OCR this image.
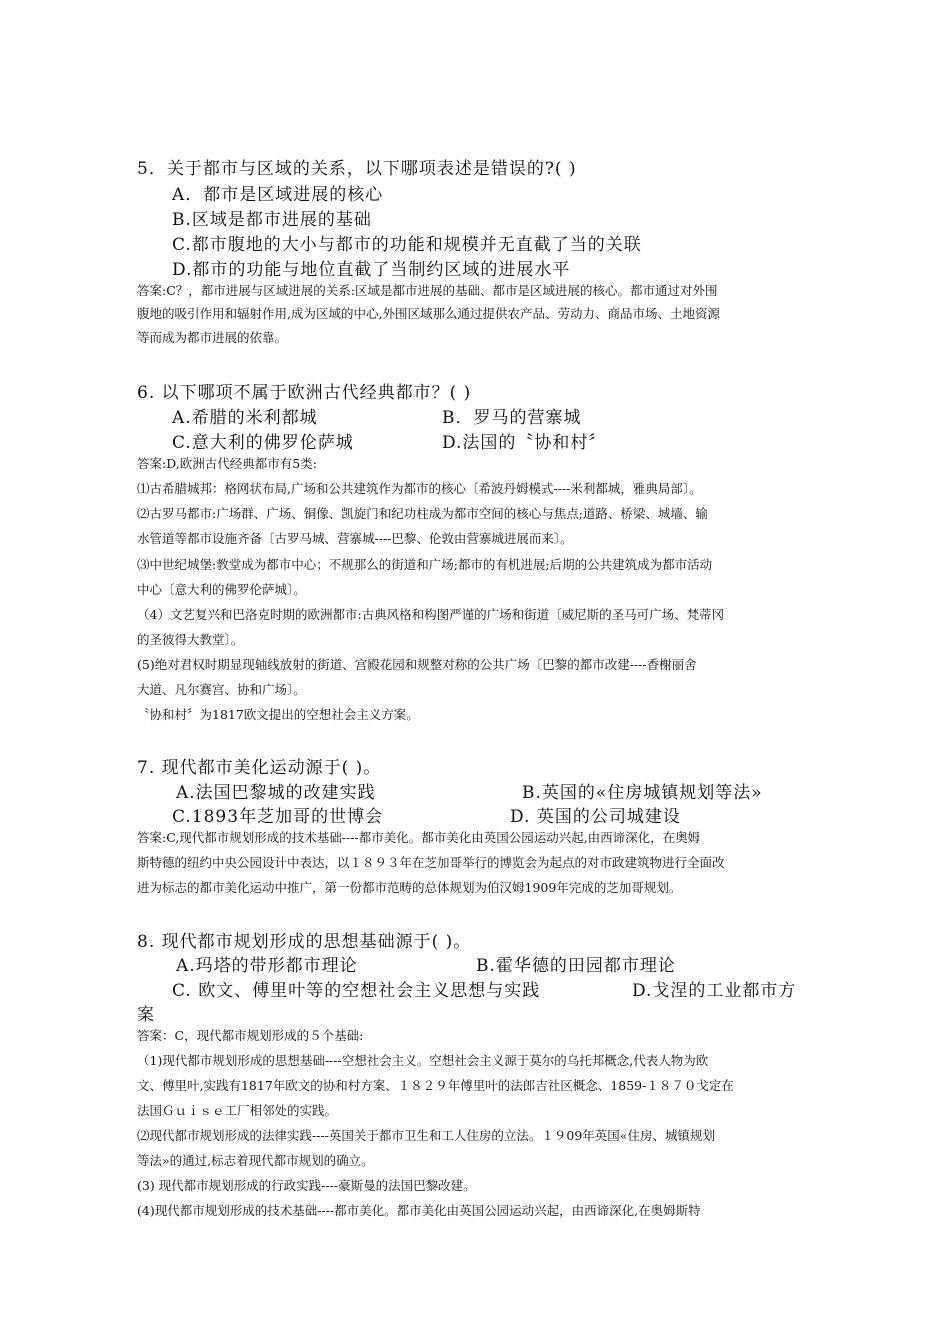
5．关于都市与区域的关系，以下哪项表述是错误的?( )
A．都市是区域进展的核心
B.区域是都市进展的基础
C.都市腹地的大小与都市的功能和规模并无直截了当的关联
D.都市的功能与地位直截了当制约区域的进展水平
答案:C？，都市进展与区域进展的关系:区域是都市进展的基础、都市是区域进展的核心。都市通过对外围
腹地的吸引作用和辐射作用,成为区域的中心,外围区域那么通过提供农产品、劳动力、商品市场、土地资源
等而成为都市进展的依靠。
6. 以下哪项不属于欧洲古代经典都市？( )
A.希腊的米利都城	B．罗马的营寨城
C.意大利的佛罗伦萨城	D.法国的〝协和村〞
答案:D,欧洲古代经典都市有5类:
⑴古希腊城邦：格网状布局,广场和公共建筑作为都市的核心〔希波丹姆模式----米利都城，雅典局部〕。
⑵古罗马都市:广场群、广场、铜像、凯旋门和纪功柱成为都市空间的核心与焦点;道路、桥梁、城墙、输
水管道等都市设施齐备〔古罗马城、营寨城----巴黎、伦敦由营寨城进展而来〕。
⑶中世纪城堡:教堂成为都市中心；不规那么的街道和广场;都市的有机进展;后期的公共建筑成为都市活动
中心〔意大利的佛罗伦萨城〕。
（4）文艺复兴和巴洛克时期的欧洲都市:古典风格和构图严谨的广场和街道〔威尼斯的圣马可广场、梵蒂冈
的圣彼得大教堂〕。
(5)绝对君权时期显现轴线放射的街道、宫殿花园和规整对称的公共广场〔巴黎的都市改建----香榭丽舍
大道、凡尔赛宫、协和广场〕。
〝协和村〞为1817欧文提出的空想社会主义方案。
7. 现代都市美化运动源于( )。
A.法国巴黎城的改建实践	B.英国的«住房城镇规划等法»
C.1893年芝加哥的世博会	D. 英国的公司城建设
答案:C,现代都市规划形成的技术基础----都市美化。都市美化由英国公园运动兴起,由西谛深化，在奥姆
斯特德的纽约中央公园设计中表达，以１８９３年在芝加哥举行的博览会为起点的对市政建筑物进行全面改
进为标志的都市美化运动中推广，第一份都市范畴的总体规划为伯汉姆1909年完成的芝加哥规划。
8. 现代都市规划形成的思想基础源于( )。
A.玛塔的带形都市理论	B.霍华德的田园都市理论
C. 欧文、傅里叶等的空想社会主义思想与实践	D.戈涅的工业都市方
案
答案：C，现代都市规划形成的５个基础:
（1)现代都市规划形成的思想基础----空想社会主义。空想社会主义源于莫尔的乌托邦概念,代表人物为欧
文、傅里叶,实践有1817年欧文的协和村方案、１８２９年傅里叶的法郎吉社区概念、1859-１８７０戈定在
法国Ｇｕｉｓｅ工厂相邻处的实践。
⑵现代都市规划形成的法律实践----英国关于都市卫生和工人住房的立法。１９09年英国«住房、城镇规划
等法»的通过,标志着现代都市规划的确立。
(3) 现代都市规划形成的行政实践----豪斯曼的法国巴黎改建。
(4)现代都市规划形成的技术基础----都市美化。都市美化由英国公园运动兴起，由西谛深化,在奥姆斯特
